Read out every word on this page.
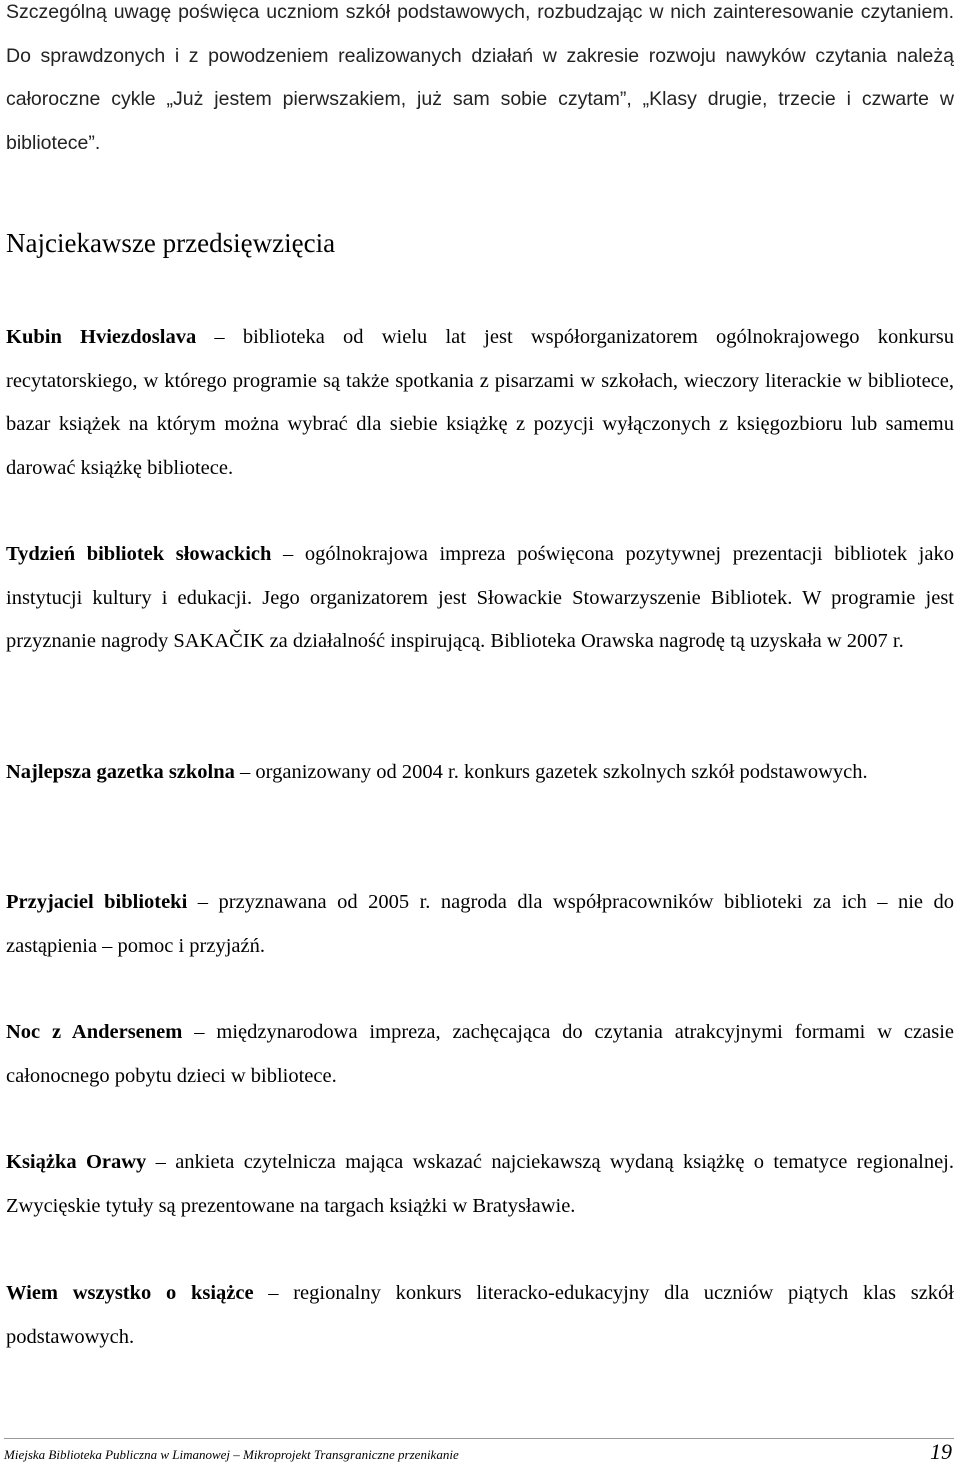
Szczególną uwagę poświęca uczniom szkół podstawowych, rozbudzając w nich zainteresowanie czytaniem. Do sprawdzonych i z powodzeniem realizowanych działań w zakresie rozwoju nawyków czytania należą całoroczne cykle „Już jestem pierwszakiem, już sam sobie czytam”, „Klasy drugie, trzecie i czwarte w bibliotece”.

Najciekawsze przedsięwzięcia

Kubin Hviezdoslava – biblioteka od wielu lat jest współorganizatorem ogólnokrajowego konkursu recytatorskiego, w którego programie są także spotkania z pisarzami w szkołach, wieczory literackie w bibliotece, bazar książek na którym można wybrać dla siebie książkę z pozycji wyłączonych z księgozbioru lub samemu darować książkę bibliotece.

Tydzień bibliotek słowackich – ogólnokrajowa impreza poświęcona pozytywnej prezentacji bibliotek jako instytucji kultury i edukacji. Jego organizatorem jest Słowackie Stowarzyszenie Bibliotek. W programie jest przyznanie nagrody SAKAČIK za działalność inspirującą. Biblioteka Orawska nagrodę tą uzyskała w 2007 r.

Najlepsza gazetka szkolna – organizowany od 2004 r. konkurs gazetek szkolnych szkół podstawowych.

Przyjaciel biblioteki – przyznawana od 2005 r. nagroda dla współpracowników biblioteki za ich – nie do zastąpienia – pomoc i przyjaźń.

Noc z Andersenem – międzynarodowa impreza, zachęcająca do czytania atrakcyjnymi formami w czasie całonocnego pobytu dzieci w bibliotece.

Książka Orawy – ankieta czytelnicza mająca wskazać najciekawszą wydaną książkę o tematyce regionalnej. Zwycięskie tytuły są prezentowane na targach książki w Bratysławie.

Wiem wszystko o książce – regionalny konkurs literacko-edukacyjny dla uczniów piątych klas szkół podstawowych.

Miejska Biblioteka Publiczna w Limanowej – Mikroprojekt Transgraniczne przenikanie	19
